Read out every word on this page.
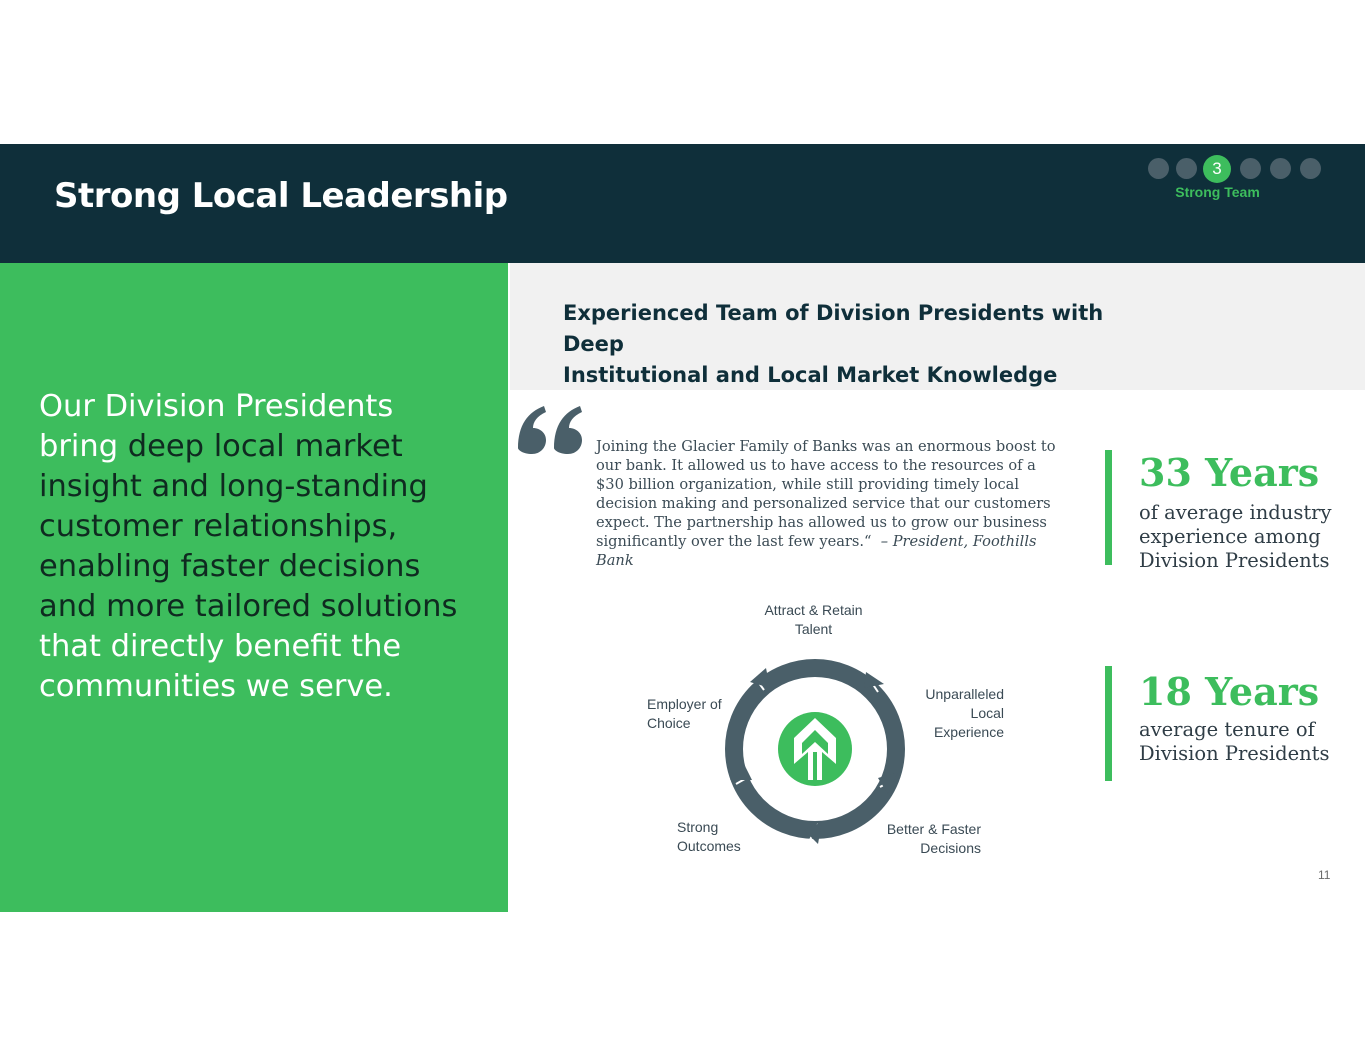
Strong Local Leadership
3
Strong Team
Our Division Presidents bring deep local market insight and long-standing customer relationships, enabling faster decisions and more tailored solutions that directly benefit the communities we serve.
Experienced Team of Division Presidents with Deep
Institutional and Local Market Knowledge
Joining the Glacier Family of Banks was an enormous boost to our bank. It allowed us to have access to the resources of a $30 billion organization, while still providing timely local decision making and personalized service that our customers expect. The partnership has allowed us to grow our business significantly over the last few years.“ – President, Foothills Bank
33 Years
of average industry experience among Division Presidents
18 Years
average tenure of Division Presidents
Attract & Retain Talent
Unparalleled Local Experience
Better & Faster Decisions
Strong Outcomes
Employer of Choice
11
